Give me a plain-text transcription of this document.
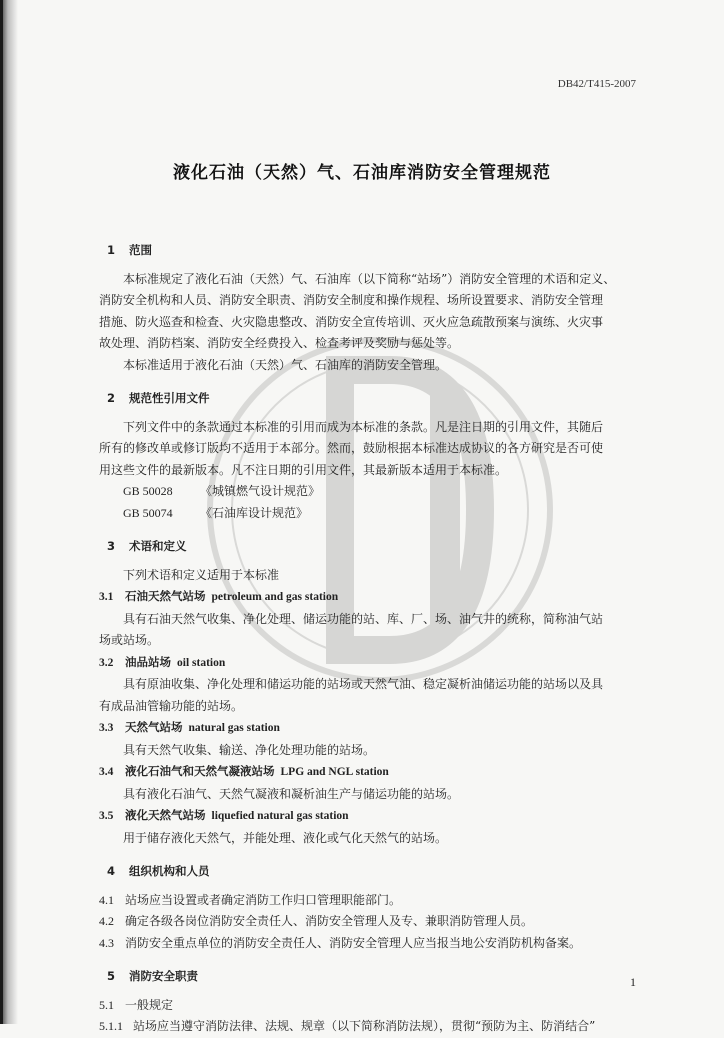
DB42/T415-2007
液化石油（天然）气、石油库消防安全管理规范

1 范围

本标准规定了液化石油（天然）气、石油库（以下简称“站场”）消防安全管理的术语和定义、

消防安全机构和人员、消防安全职责、消防安全制度和操作规程、场所设置要求、消防安全管理

措施、防火巡查和检查、火灾隐患整改、消防安全宣传培训、灭火应急疏散预案与演练、火灾事

故处理、消防档案、消防安全经费投入、检查考评及奖励与惩处等。

本标准适用于液化石油（天然）气、石油库的消防安全管理。

2 规范性引用文件

下列文件中的条款通过本标准的引用而成为本标准的条款。凡是注日期的引用文件，其随后

所有的修改单或修订版均不适用于本部分。然而，鼓励根据本标准达成协议的各方研究是否可使

用这些文件的最新版本。凡不注日期的引用文件，其最新版本适用于本标准。

GB 50028 《城镇燃气设计规范》

GB 50074 《石油库设计规范》

3 术语和定义

下列术语和定义适用于本标准

3.1 石油天然气站场 petroleum and gas station

具有石油天然气收集、净化处理、储运功能的站、库、厂、场、油气井的统称，简称油气站

场或站场。

3.2 油品站场 oil station

具有原油收集、净化处理和储运功能的站场或天然气油、稳定凝析油储运功能的站场以及具

有成品油管输功能的站场。

3.3 天然气站场 natural gas station

具有天然气收集、输送、净化处理功能的站场。

3.4 液化石油气和天然气凝液站场 LPG and NGL station

具有液化石油气、天然气凝液和凝析油生产与储运功能的站场。

3.5 液化天然气站场 liquefied natural gas station

用于储存液化天然气，并能处理、液化或气化天然气的站场。

4 组织机构和人员

4.1 站场应当设置或者确定消防工作归口管理职能部门。

4.2 确定各级各岗位消防安全责任人、消防安全管理人及专、兼职消防管理人员。

4.3 消防安全重点单位的消防安全责任人、消防安全管理人应当报当地公安消防机构备案。

5 消防安全职责

5.1 一般规定

5.1.1 站场应当遵守消防法律、法规、规章（以下简称消防法规），贯彻“预防为主、防消结合”

1
